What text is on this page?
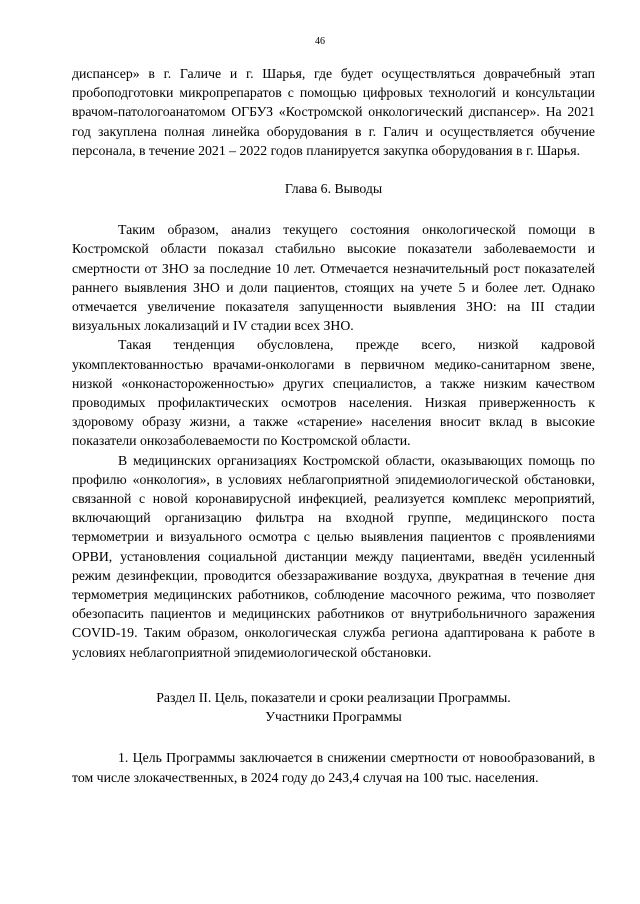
46

диспансер» в г. Галиче и г. Шарья, где будет осуществляться доврачебный этап пробоподготовки микропрепаратов с помощью цифровых технологий и консультации врачом-патологоанатомом ОГБУЗ «Костромской онкологический диспансер». На 2021 год закуплена полная линейка оборудования в г. Галич и осуществляется обучение персонала, в течение 2021 – 2022 годов планируется закупка оборудования в г. Шарья.

Глава 6. Выводы

Таким образом, анализ текущего состояния онкологической помощи в Костромской области показал стабильно высокие показатели заболеваемости и смертности от ЗНО за последние 10 лет. Отмечается незначительный рост показателей раннего выявления ЗНО и доли пациентов, стоящих на учете 5 и более лет. Однако отмечается увеличение показателя запущенности выявления ЗНО: на III стадии визуальных локализаций и IV стадии всех ЗНО.

Такая тенденция обусловлена, прежде всего, низкой кадровой укомплектованностью врачами-онкологами в первичном медико-санитарном звене, низкой «онконастороженностью» других специалистов, а также низким качеством проводимых профилактических осмотров населения. Низкая приверженность к здоровому образу жизни, а также «старение» населения вносит вклад в высокие показатели онкозаболеваемости по Костромской области.

В медицинских организациях Костромской области, оказывающих помощь по профилю «онкология», в условиях неблагоприятной эпидемиологической обстановки, связанной с новой коронавирусной инфекцией, реализуется комплекс мероприятий, включающий организацию фильтра на входной группе, медицинского поста термометрии и визуального осмотра с целью выявления пациентов с проявлениями ОРВИ, установления социальной дистанции между пациентами, введён усиленный режим дезинфекции, проводится обеззараживание воздуха, двукратная в течение дня термометрия медицинских работников, соблюдение масочного режима, что позволяет обезопасить пациентов и медицинских работников от внутрибольничного заражения COVID-19. Таким образом, онкологическая служба региона адаптирована к работе в условиях неблагоприятной эпидемиологической обстановки.

Раздел II. Цель, показатели и сроки реализации Программы.

Участники Программы

1. Цель Программы заключается в снижении смертности от новообразований, в том числе злокачественных, в 2024 году до 243,4 случая на 100 тыс. населения.
